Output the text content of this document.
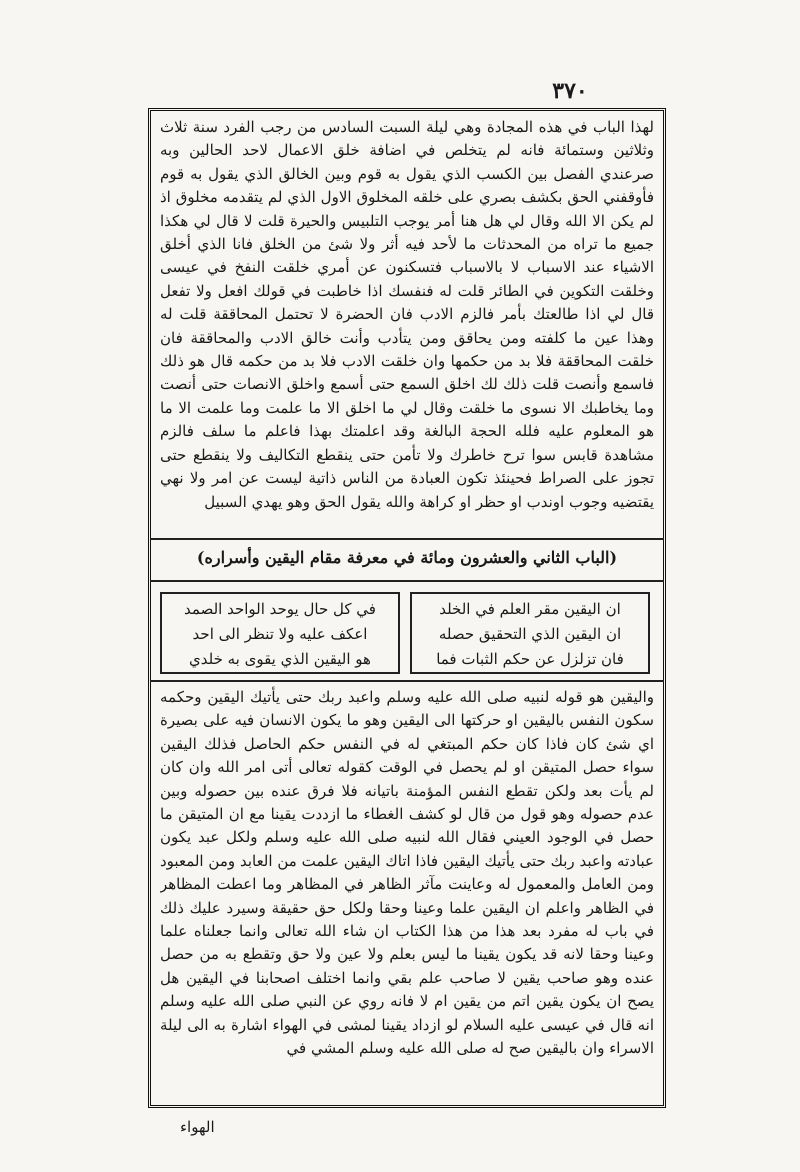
٣٧٠

لهذا الباب في هذه المجادة وهي ليلة السبت السادس من رجب الفرد سنة ثلاث وثلاثين وستمائة فانه لم يتخلص في اضافة خلق الاعمال لاحد الحالين وبه صرعندي الفصل بين الكسب الذي يقول به قوم وبين الخالق الذي يقول به قوم فأوقفني الحق بكشف بصري على خلقه المخلوق الاول الذي لم يتقدمه مخلوق اذ لم يكن الا الله وقال لي هل هنا أمر يوجب التلبيس والحيرة قلت لا قال لي هكذا جميع ما تراه من المحدثات ما لأحد فيه أثر ولا شئ من الخلق فانا الذي أخلق الاشياء عند الاسباب لا بالاسباب فتسكنون عن أمري خلقت النفخ في عيسى وخلقت التكوين في الطائر قلت له فنفسك اذا خاطبت في قولك افعل ولا تفعل قال لي اذا طالعتك بأمر فالزم الادب فان الحضرة لا تحتمل المحاققة قلت له وهذا عين ما كلفته ومن يحاقق ومن يتأدب وأنت خالق الادب والمحاققة فان خلقت المحاققة فلا بد من حكمها وان خلقت الادب فلا بد من حكمه قال هو ذلك فاسمع وأنصت قلت ذلك لك اخلق السمع حتى أسمع واخلق الانصات حتى أنصت وما يخاطبك الا نسوى ما خلقت وقال لي ما اخلق الا ما علمت وما علمت الا ما هو المعلوم عليه فلله الحجة البالغة وقد اعلمتك بهذا فاعلم ما سلف فالزم مشاهدة قابس سوا ترح خاطرك ولا تأمن حتى ينقطع التكاليف ولا ينقطع حتى تجوز على الصراط فحينئذ تكون العبادة من الناس ذاتية ليست عن امر ولا نهي يقتضيه وجوب اوندب او حظر او كراهة والله يقول الحق وهو يهدي السبيل

(الباب الثاني والعشرون ومائة في معرفة مقام اليقين وأسراره)
ان اليقين مقر العلم في الخلد
ان اليقين الذي التحقيق حصله
فان تزلزل عن حكم الثبات فما
في كل حال يوحد الواحد الصمد
اعكف عليه ولا تنظر الى احد
هو اليقين الذي يقوى به خلدي

واليقين هو قوله لنبيه صلى الله عليه وسلم واعبد ربك حتى يأتيك اليقين وحكمه سكون النفس باليقين او حركتها الى اليقين وهو ما يكون الانسان فيه على بصيرة اي شئ كان فاذا كان حكم المبتغي له في النفس حكم الحاصل فذلك اليقين سواء حصل المتيقن او لم يحصل في الوقت كقوله تعالى أتى امر الله وان كان لم يأت بعد ولكن تقطع النفس المؤمنة باتيانه فلا فرق عنده بين حصوله وبين عدم حصوله وهو قول من قال لو كشف الغطاء ما ازددت يقينا مع ان المتيقن ما حصل في الوجود العيني فقال الله لنبيه صلى الله عليه وسلم ولكل عبد يكون عبادته واعبد ربك حتى يأتيك اليقين فاذا اتاك اليقين علمت من العابد ومن المعبود ومن العامل والمعمول له وعاينت مآثر الظاهر في المظاهر وما اعطت المظاهر في الظاهر واعلم ان اليقين علما وعينا وحقا ولكل حق حقيقة وسيرد عليك ذلك في باب له مفرد بعد هذا من هذا الكتاب ان شاء الله تعالى وانما جعلناه علما وعينا وحقا لانه قد يكون يقينا ما ليس بعلم ولا عين ولا حق وتقطع به من حصل عنده وهو صاحب يقين لا صاحب علم بقي وانما اختلف اصحابنا في اليقين هل يصح ان يكون يقين اتم من يقين ام لا فانه روي عن النبي صلى الله عليه وسلم انه قال في عيسى عليه السلام لو ازداد يقينا لمشى في الهواء اشارة به الى ليلة الاسراء وان باليقين صح له صلى الله عليه وسلم المشي في

الهواء
